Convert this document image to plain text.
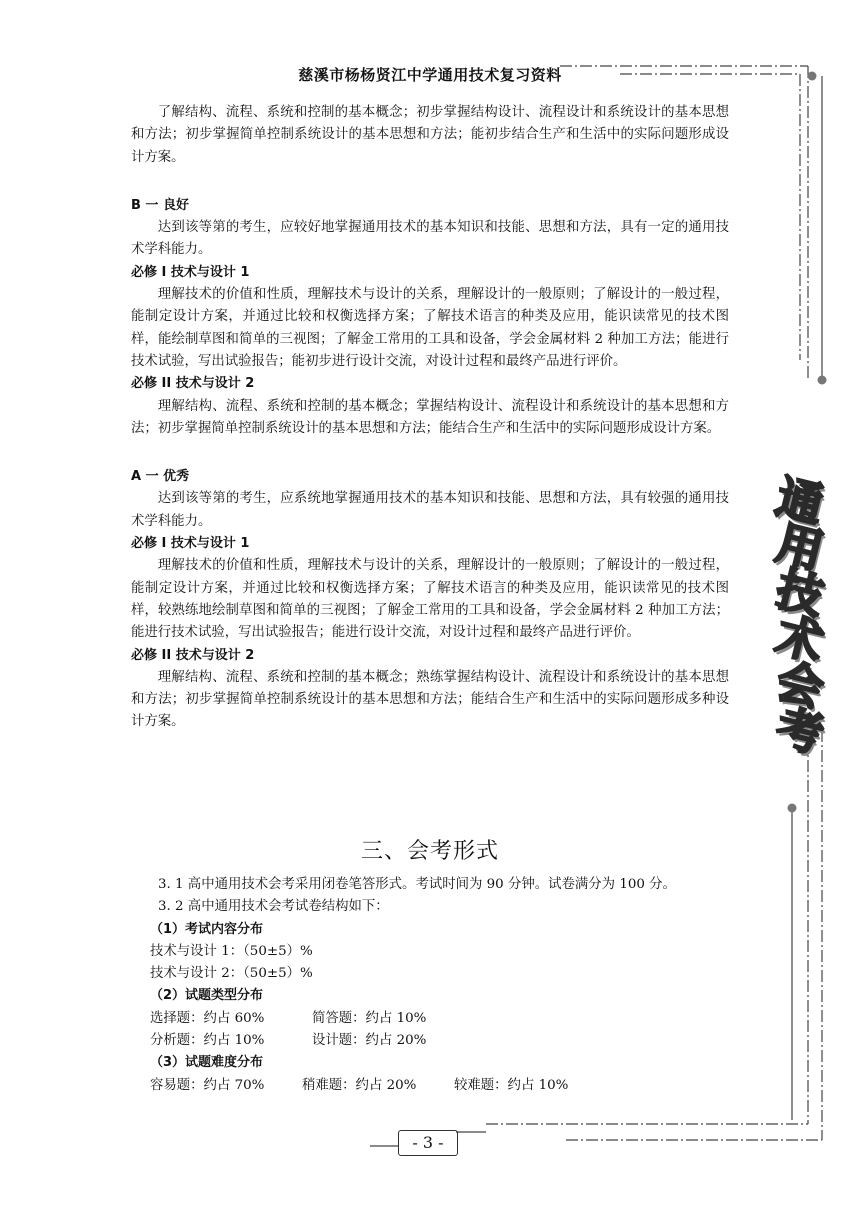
慈溪市杨杨贤江中学通用技术复习资料

了解结构、流程、系统和控制的基本概念；初步掌握结构设计、流程设计和系统设计的基本思想和方法；初步掌握简单控制系统设计的基本思想和方法；能初步结合生产和生活中的实际问题形成设计方案。

B 一 良好

达到该等第的考生，应较好地掌握通用技术的基本知识和技能、思想和方法，具有一定的通用技术学科能力。

必修 I 技术与设计 1

理解技术的价值和性质，理解技术与设计的关系，理解设计的一般原则；了解设计的一般过程，能制定设计方案，并通过比较和权衡选择方案；了解技术语言的种类及应用，能识读常见的技术图样，能绘制草图和简单的三视图；了解金工常用的工具和设备，学会金属材料 2 种加工方法；能进行技术试验，写出试验报告；能初步进行设计交流，对设计过程和最终产品进行评价。

必修 II 技术与设计 2

理解结构、流程、系统和控制的基本概念；掌握结构设计、流程设计和系统设计的基本思想和方法；初步掌握简单控制系统设计的基本思想和方法；能结合生产和生活中的实际问题形成设计方案。

A 一 优秀

达到该等第的考生，应系统地掌握通用技术的基本知识和技能、思想和方法，具有较强的通用技术学科能力。

必修 I 技术与设计 1

理解技术的价值和性质，理解技术与设计的关系，理解设计的一般原则；了解设计的一般过程，能制定设计方案，并通过比较和权衡选择方案；了解技术语言的种类及应用，能识读常见的技术图样，较熟练地绘制草图和简单的三视图；了解金工常用的工具和设备，学会金属材料 2 种加工方法；能进行技术试验，写出试验报告；能进行设计交流，对设计过程和最终产品进行评价。

必修 II 技术与设计 2

理解结构、流程、系统和控制的基本概念；熟练掌握结构设计、流程设计和系统设计的基本思想和方法；初步掌握简单控制系统设计的基本思想和方法；能结合生产和生活中的实际问题形成多种设计方案。

三、会考形式

3. 1 高中通用技术会考采用闭卷笔答形式。考试时间为 90 分钟。试卷满分为 100 分。

3. 2 高中通用技术会考试卷结构如下：

（1）考试内容分布

技术与设计 1：（50±5）%

技术与设计 2：（50±5）%

（2）试题类型分布

选择题：约占 60%	简答题：约占 10%

分析题：约占 10%	设计题：约占 20%

（3）试题难度分布

容易题：约占 70%	稍难题：约占 20%	较难题：约占 10%

通
用
技
术
会
考
- 3 -
